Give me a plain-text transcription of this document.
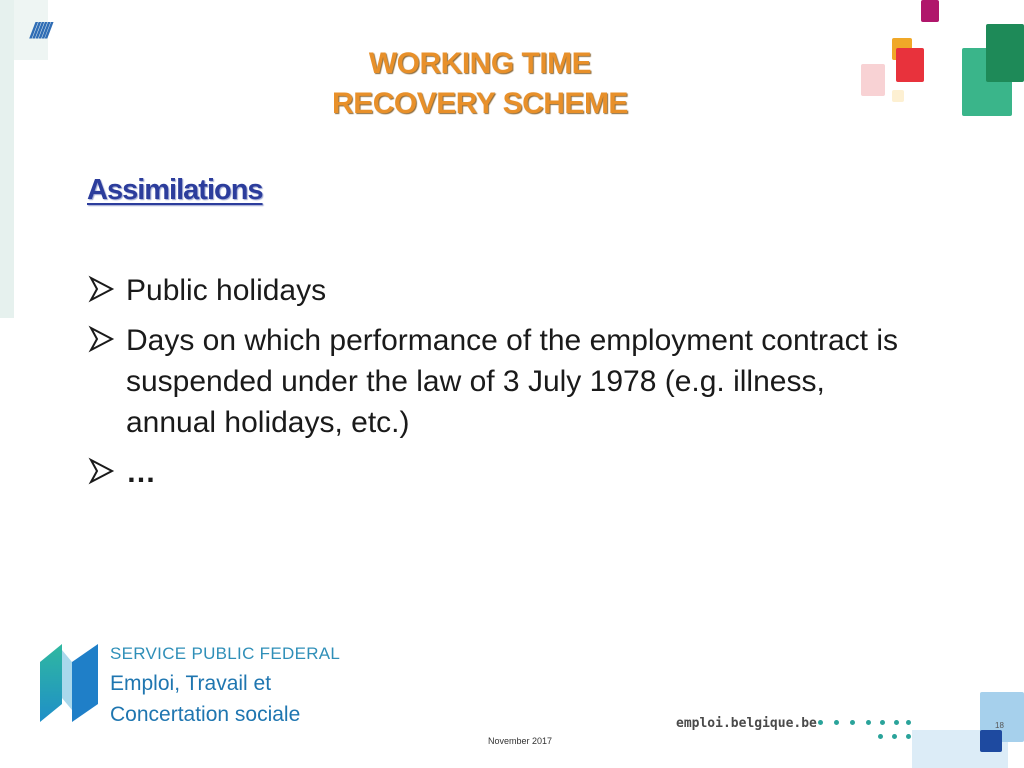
//////
WORKING TIME
RECOVERY SCHEME
Assimilations
Public holidays
Days on which performance of the employment contract is suspended under the law of 3 July 1978 (e.g. illness, annual holidays, etc.)
…
SERVICE PUBLIC FEDERAL
Emploi, Travail et
Concertation sociale	emploi.belgique.be	18
November 2017
